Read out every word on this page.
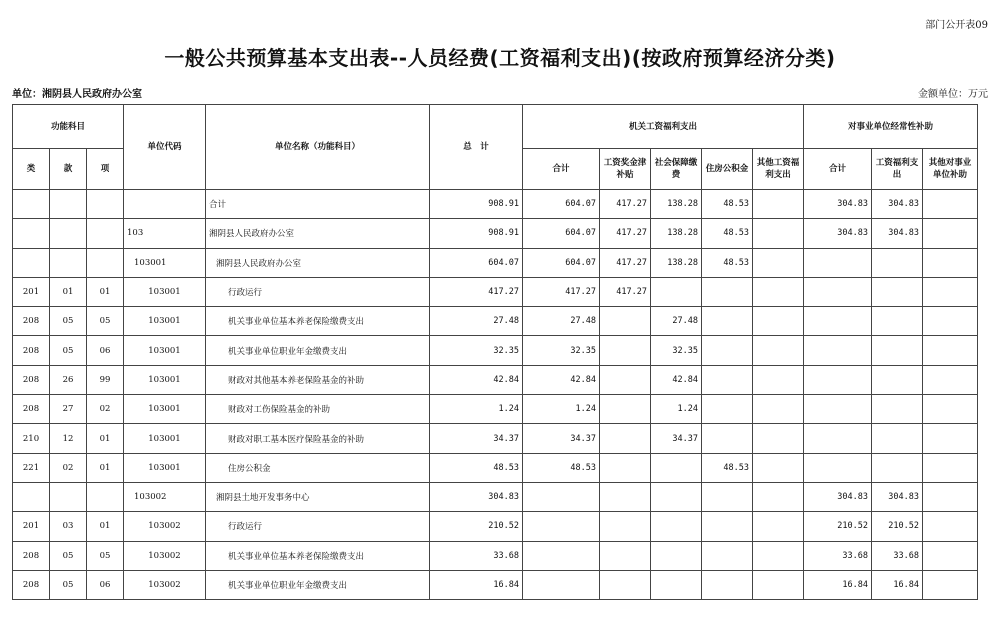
部门公开表09
一般公共预算基本支出表--人员经费(工资福利支出)(按政府预算经济分类)
单位：湘阴县人民政府办公室	金额单位：万元
功能科目			单位代码	单位名称（功能科目）	总　计	机关工资福利支出					对事业单位经常性补助		
类	款	项				合计	工资奖金津补贴	社会保障缴费	住房公积金	其他工资福利支出	合计	工资福利支出	其他对事业单位补助
				合计	908.91	604.07	417.27	138.28	48.53		304.83	304.83	
			103	湘阴县人民政府办公室	908.91	604.07	417.27	138.28	48.53		304.83	304.83	
			103001	湘阴县人民政府办公室	604.07	604.07	417.27	138.28	48.53				
201	01	01	103001	行政运行	417.27	417.27	417.27						
208	05	05	103001	机关事业单位基本养老保险缴费支出	27.48	27.48		27.48					
208	05	06	103001	机关事业单位职业年金缴费支出	32.35	32.35		32.35					
208	26	99	103001	财政对其他基本养老保险基金的补助	42.84	42.84		42.84					
208	27	02	103001	财政对工伤保险基金的补助	1.24	1.24		1.24					
210	12	01	103001	财政对职工基本医疗保险基金的补助	34.37	34.37		34.37					
221	02	01	103001	住房公积金	48.53	48.53			48.53				
			103002	湘阴县土地开发事务中心	304.83						304.83	304.83	
201	03	01	103002	行政运行	210.52						210.52	210.52	
208	05	05	103002	机关事业单位基本养老保险缴费支出	33.68						33.68	33.68	
208	05	06	103002	机关事业单位职业年金缴费支出	16.84						16.84	16.84	
